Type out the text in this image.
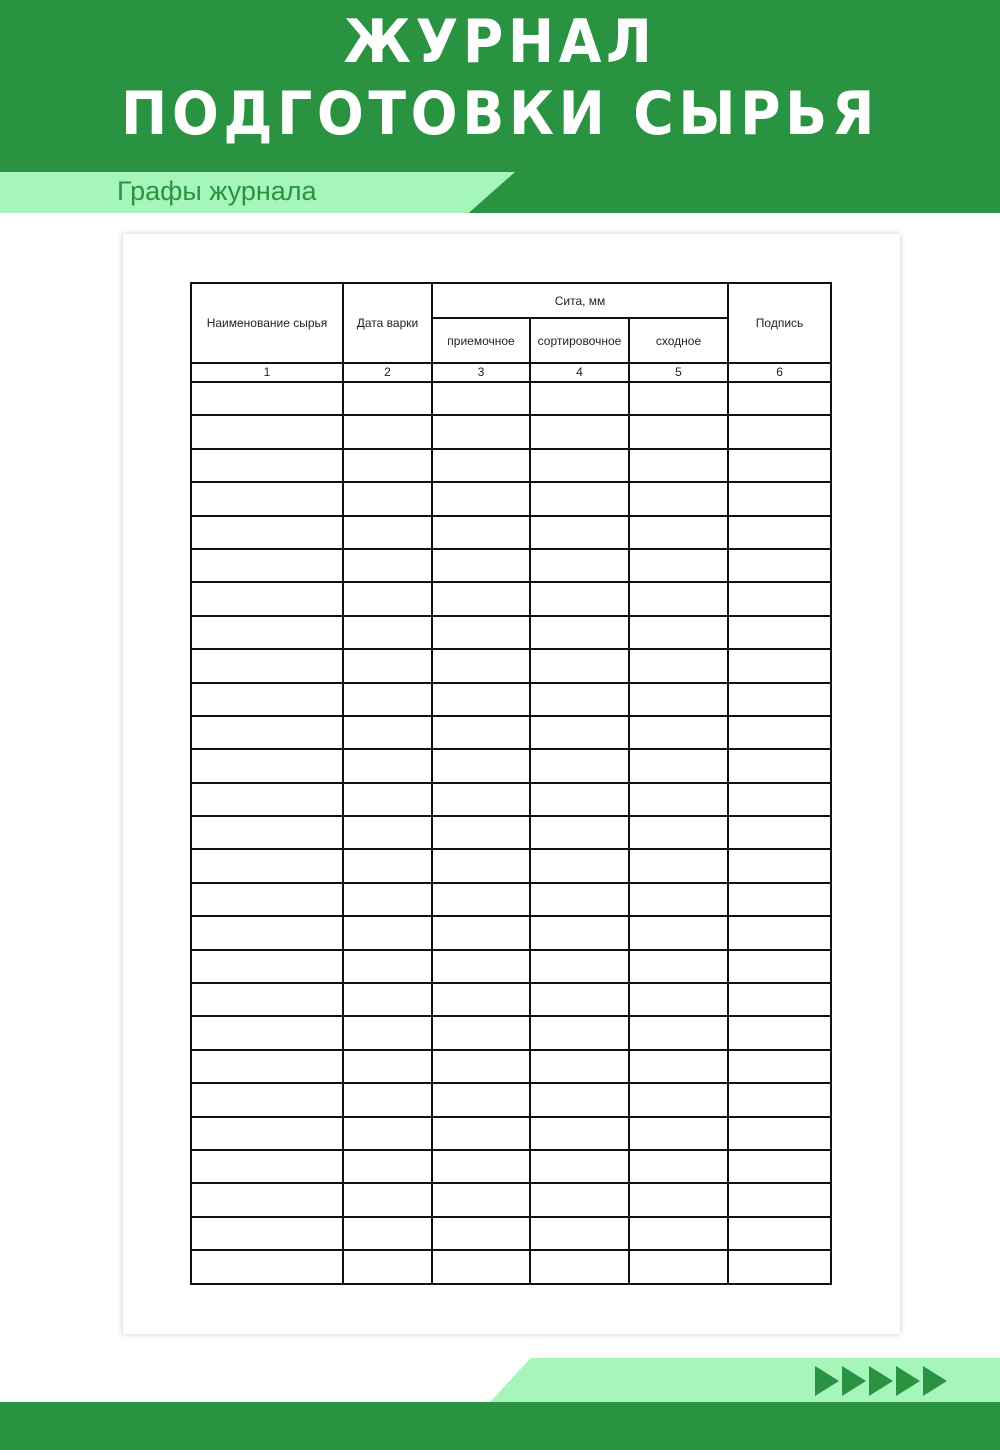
ЖУРНАЛ
ПОДГОТОВКИ СЫРЬЯ
Графы журнала
Наименование сырья	Дата варки	Сита, мм			Подпись
		приемочное	сортировочное	сходное	
1	2	3	4	5	6
